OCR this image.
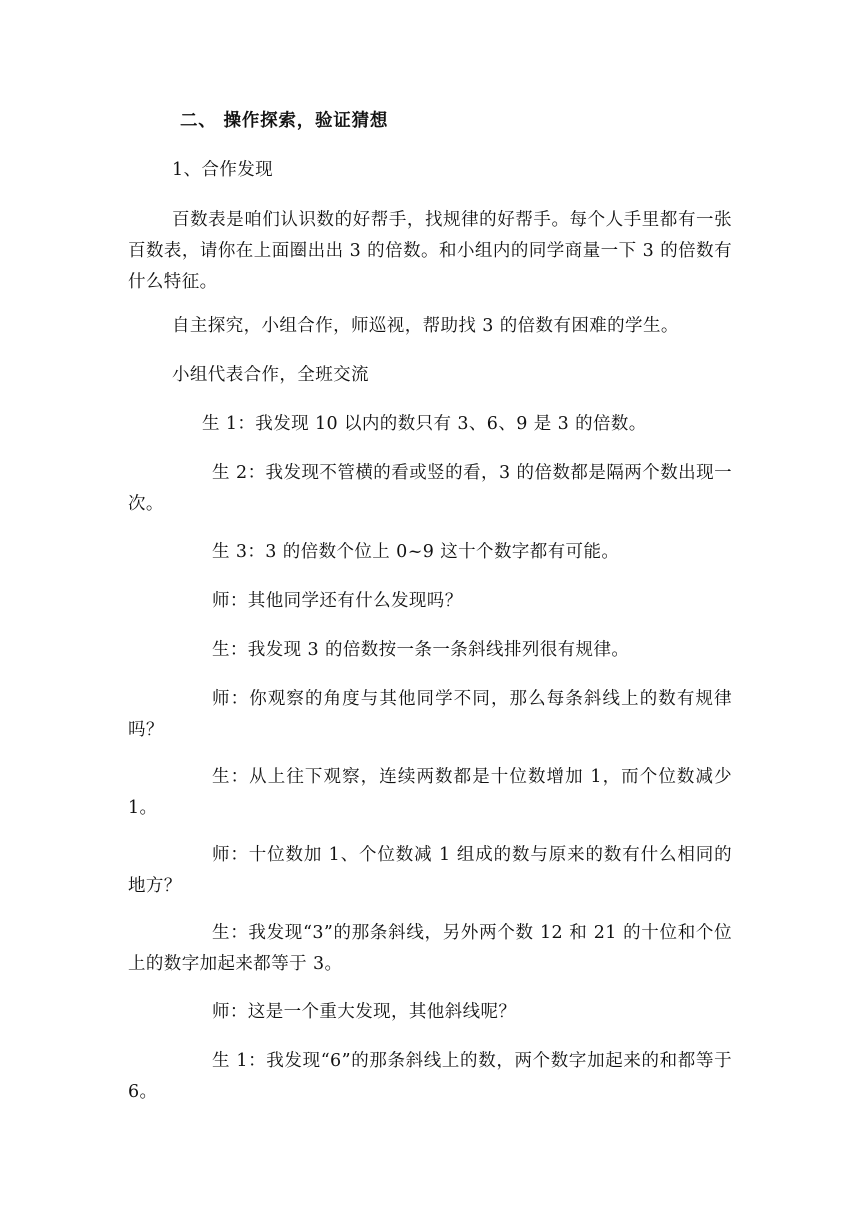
二、 操作探索，验证猜想

1、合作发现

百数表是咱们认识数的好帮手，找规律的好帮手。每个人手里都有一张百数表，请你在上面圈出出 3 的倍数。和小组内的同学商量一下 3 的倍数有什么特征。

自主探究，小组合作，师巡视，帮助找 3 的倍数有困难的学生。

小组代表合作，全班交流

生 1：我发现 10 以内的数只有 3、6、9 是 3 的倍数。

生 2：我发现不管横的看或竖的看，3 的倍数都是隔两个数出现一次。

生 3：3 的倍数个位上 0~9 这十个数字都有可能。

师：其他同学还有什么发现吗？

生：我发现 3 的倍数按一条一条斜线排列很有规律。

师：你观察的角度与其他同学不同，那么每条斜线上的数有规律吗？

生：从上往下观察，连续两数都是十位数增加 1，而个位数减少 1。

师：十位数加 1、个位数减 1 组成的数与原来的数有什么相同的地方？

生：我发现“3”的那条斜线，另外两个数 12 和 21 的十位和个位上的数字加起来都等于 3。

师：这是一个重大发现，其他斜线呢？

生 1：我发现“6”的那条斜线上的数，两个数字加起来的和都等于 6。
